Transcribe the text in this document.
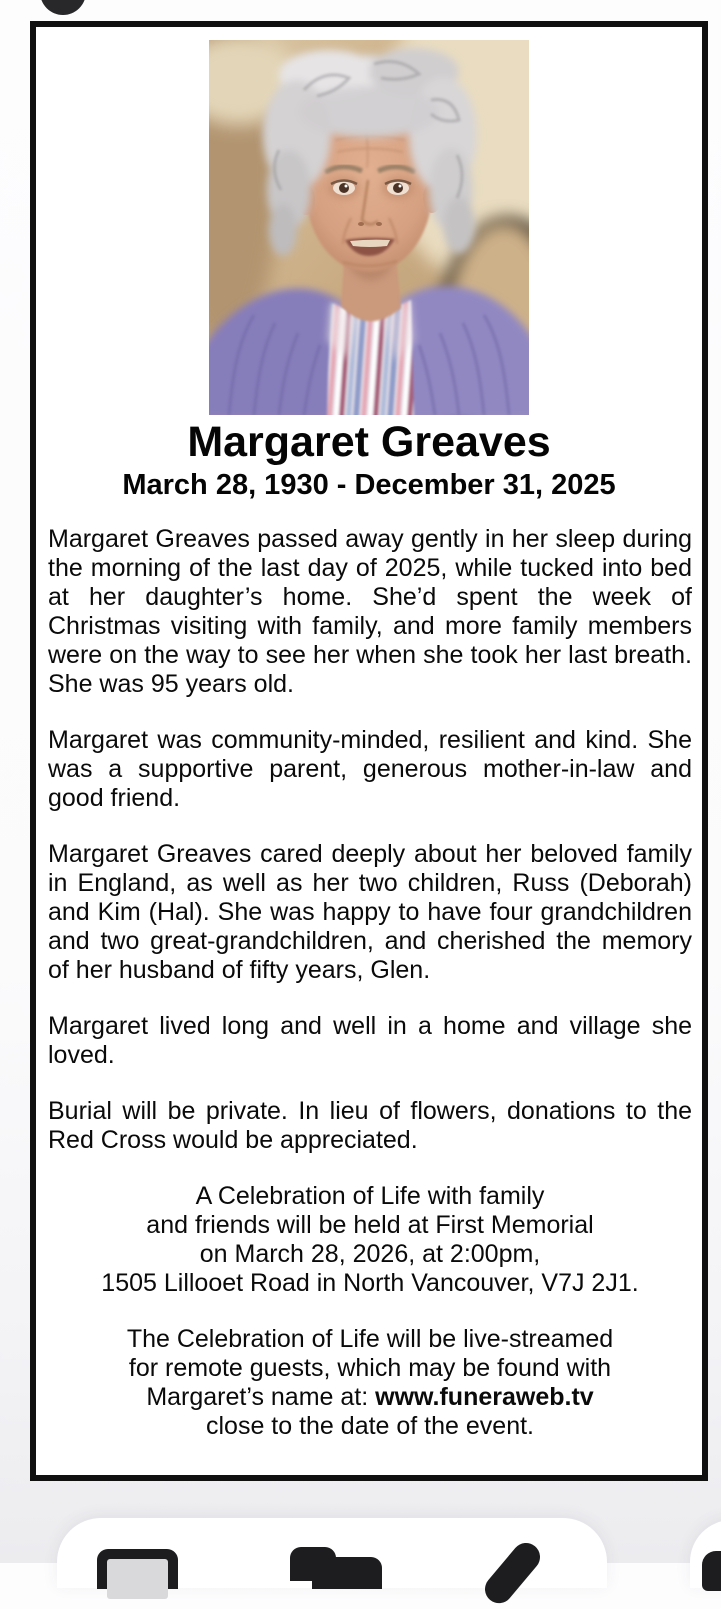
Margaret Greaves
March 28, 1930 - December 31, 2025

Margaret Greaves passed away gently in her sleep during the morning of the last day of 2025, while tucked into bed at her daughter’s home. She’d spent the week of Christmas visiting with family, and more family members were on the way to see her when she took her last breath. She was 95 years old.

Margaret was community-minded, resilient and kind. She was a supportive parent, generous mother-in-law and good friend.

Margaret Greaves cared deeply about her beloved family in England, as well as her two children, Russ (Deborah) and Kim (Hal). She was happy to have four grandchildren and two great-grandchildren, and cherished the memory of her husband of fifty years, Glen.

Margaret lived long and well in a home and village she loved.

Burial will be private. In lieu of flowers, donations to the Red Cross would be appreciated.

A Celebration of Life with family
and friends will be held at First Memorial
on March 28, 2026, at 2:00pm,
1505 Lillooet Road in North Vancouver, V7J 2J1.
The Celebration of Life will be live-streamed
for remote guests, which may be found with
Margaret’s name at: www.funeraweb.tv
close to the date of the event.
